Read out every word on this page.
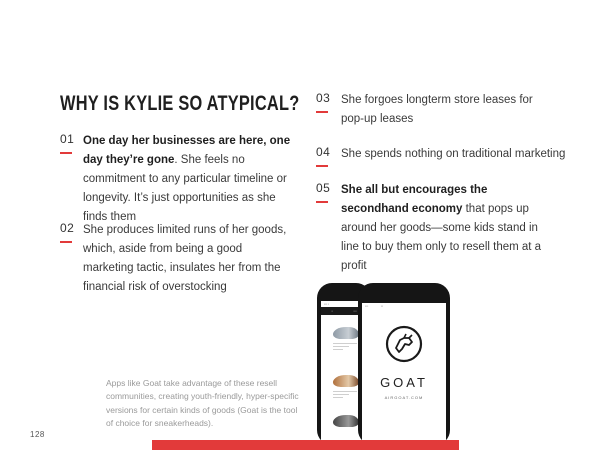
WHY IS KYLIE SO ATYPICAL?
01 One day her businesses are here, one day they’re gone. She feels no commitment to any particular timeline or longevity. It’s just opportunities as she finds them

02 She produces limited runs of her goods, which, aside from being a good marketing tactic, insulates her from the financial risk of overstocking

03 She forgoes longterm store leases for pop-up leases

04 She spends nothing on traditional marketing

05 She all but encourages the secondhand economy that pops up around her goods—some kids stand in line to buy them only to resell them at a profit

▪▪▪ ▪
▪	▪ ▪
▪▪▪               ▪▪
GOAT
AIRGOAT.COM

Apps like Goat take advantage of these resell communities, creating youth-friendly, hyper-specific versions for certain kinds of goods (Goat is the tool of choice for sneakerheads).

128
